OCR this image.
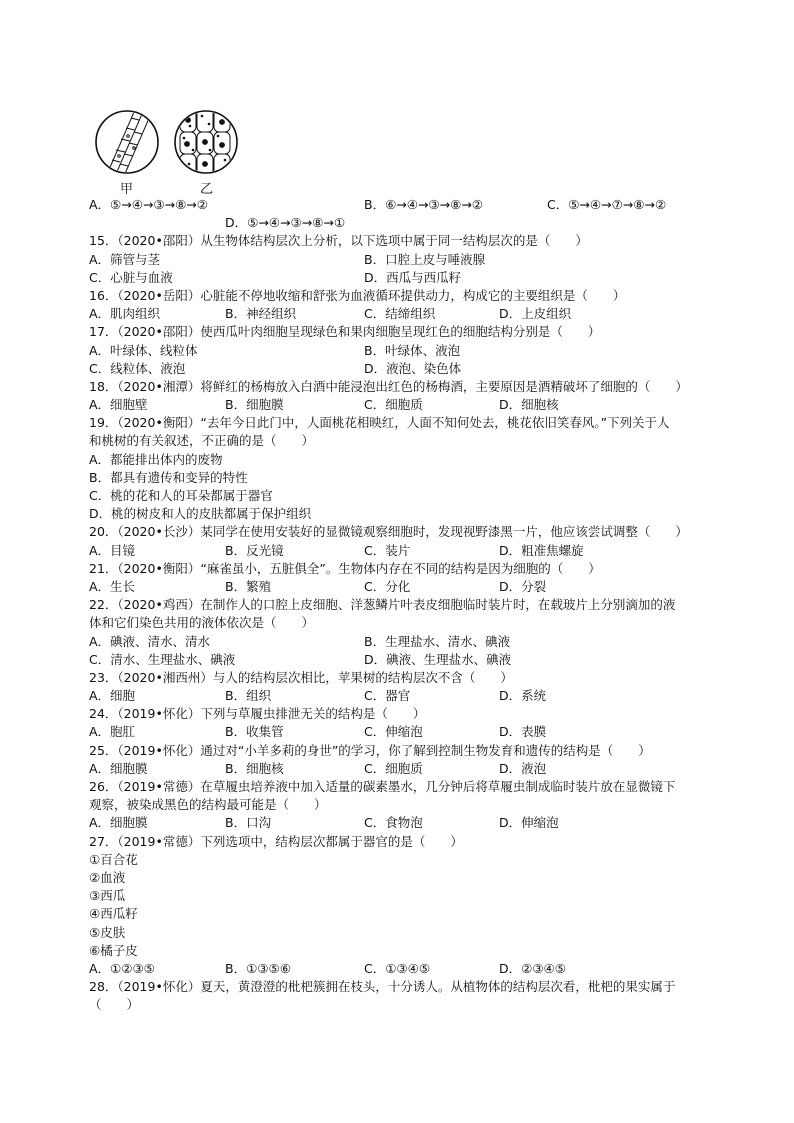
甲	乙
A．⑤→④→③→⑧→②	B．⑥→④→③→⑧→②	C．⑤→④→⑦→⑧→②
D．⑤→④→③→⑧→①
15．（2020•邵阳）从生物体结构层次上分析，以下选项中属于同一结构层次的是（　　）
A．筛管与茎	B．口腔上皮与唾液腺
C．心脏与血液	D．西瓜与西瓜籽
16．（2020•岳阳）心脏能不停地收缩和舒张为血液循环提供动力，构成它的主要组织是（　　）
A．肌肉组织	B．神经组织	C．结缔组织	D．上皮组织
17．（2020•邵阳）使西瓜叶肉细胞呈现绿色和果肉细胞呈现红色的细胞结构分别是（　　）
A．叶绿体、线粒体	B．叶绿体、液泡
C．线粒体、液泡	D．液泡、染色体
18．（2020•湘潭）将鲜红的杨梅放入白酒中能浸泡出红色的杨梅酒，主要原因是酒精破坏了细胞的（　　）
A．细胞壁	B．细胞膜	C．细胞质	D．细胞核
19．（2020•衡阳）“去年今日此门中，人面桃花相映红，人面不知何处去，桃花依旧笑春风。”下列关于人
和桃树的有关叙述，不正确的是（　　）
A．都能排出体内的废物
B．都具有遗传和变异的特性
C．桃的花和人的耳朵都属于器官
D．桃的树皮和人的皮肤都属于保护组织
20．（2020•长沙）某同学在使用安装好的显微镜观察细胞时，发现视野漆黑一片，他应该尝试调整（　　）
A．目镜	B．反光镜	C．装片	D．粗准焦螺旋
21．（2020•衡阳）“麻雀虽小，五脏俱全”。生物体内存在不同的结构是因为细胞的（　　）
A．生长	B．繁殖	C．分化	D．分裂
22．（2020•鸡西）在制作人的口腔上皮细胞、洋葱鳞片叶表皮细胞临时装片时，在载玻片上分别滴加的液
体和它们染色共用的液体依次是（　　）
A．碘液、清水、清水	B．生理盐水、清水、碘液
C．清水、生理盐水、碘液	D．碘液、生理盐水、碘液
23．（2020•湘西州）与人的结构层次相比，苹果树的结构层次不含（　　）
A．细胞	B．组织	C．器官	D．系统
24．（2019•怀化）下列与草履虫排泄无关的结构是（　　）
A．胞肛	B．收集管	C．伸缩泡	D．表膜
25．（2019•怀化）通过对“小羊多莉的身世”的学习，你了解到控制生物发育和遗传的结构是（　　）
A．细胞膜	B．细胞核	C．细胞质	D．液泡
26．（2019•常德）在草履虫培养液中加入适量的碳素墨水，几分钟后将草履虫制成临时装片放在显微镜下
观察，被染成黑色的结构最可能是（　　）
A．细胞膜	B．口沟	C．食物泡	D．伸缩泡
27．（2019•常德）下列选项中，结构层次都属于器官的是（　　）
①百合花
②血液
③西瓜
④西瓜籽
⑤皮肤
⑥橘子皮
A．①②③⑤	B．①③⑤⑥	C．①③④⑤	D．②③④⑤
28．（2019•怀化）夏天，黄澄澄的枇杷簇拥在枝头，十分诱人。从植物体的结构层次看，枇杷的果实属于
（　　）
